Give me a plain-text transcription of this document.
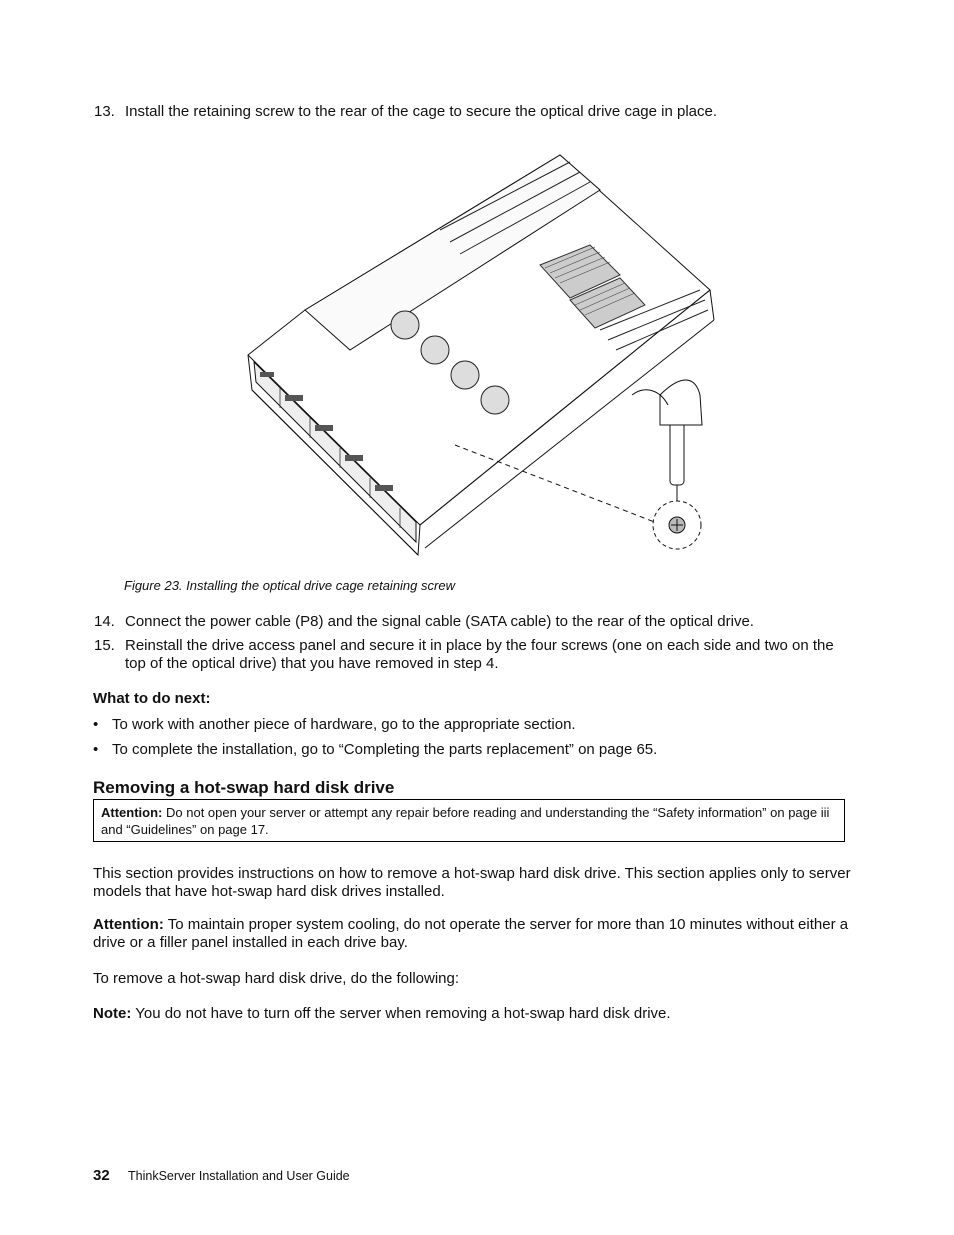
13. Install the retaining screw to the rear of the cage to secure the optical drive cage in place.
Figure 23. Installing the optical drive cage retaining screw
14. Connect the power cable (P8) and the signal cable (SATA cable) to the rear of the optical drive.
15. Reinstall the drive access panel and secure it in place by the four screws (one on each side and two on the top of the optical drive) that you have removed in step 4.
What to do next:
• To work with another piece of hardware, go to the appropriate section.
• To complete the installation, go to “Completing the parts replacement” on page 65.
Removing a hot-swap hard disk drive
Attention: Do not open your server or attempt any repair before reading and understanding the “Safety information” on page iii and “Guidelines” on page 17.
This section provides instructions on how to remove a hot-swap hard disk drive. This section applies only to server models that have hot-swap hard disk drives installed.
Attention: To maintain proper system cooling, do not operate the server for more than 10 minutes without either a drive or a filler panel installed in each drive bay.
To remove a hot-swap hard disk drive, do the following:
Note: You do not have to turn off the server when removing a hot-swap hard disk drive.
32 ThinkServer Installation and User Guide
